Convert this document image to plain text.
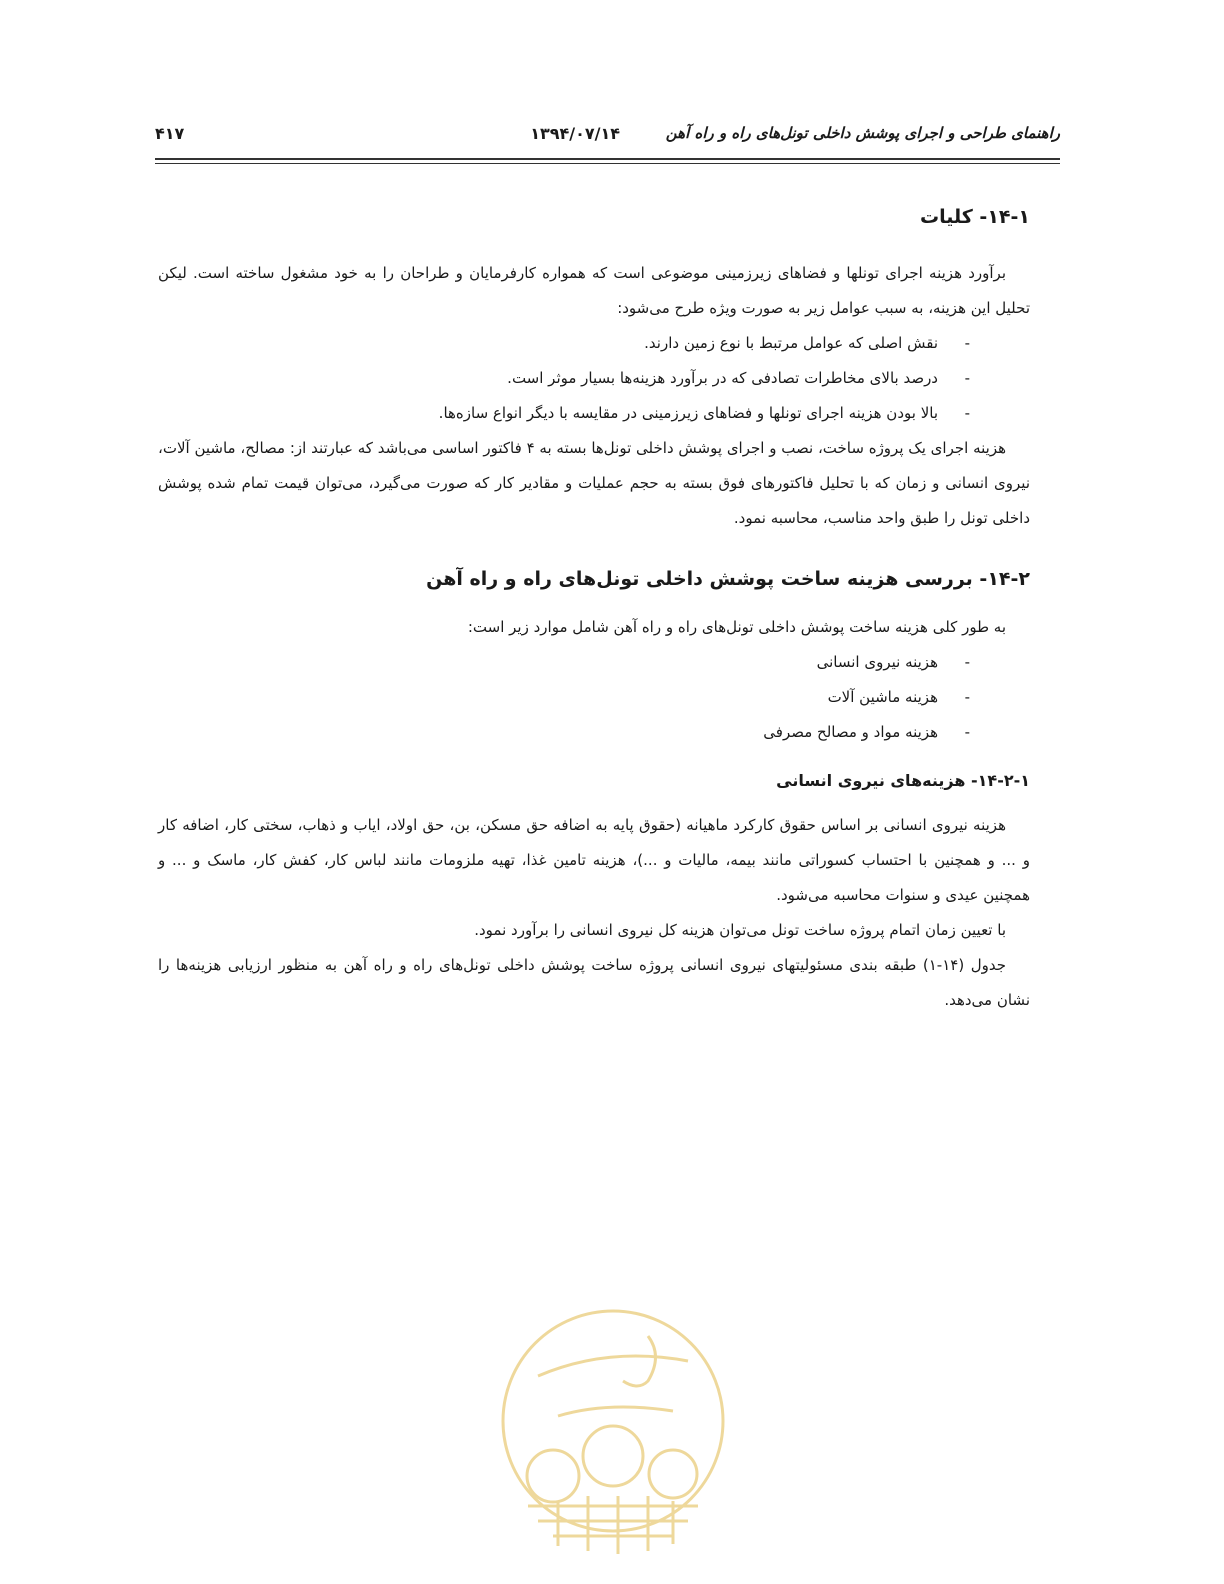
راهنمای طراحی و اجرای پوشش داخلی تونل‌های راه و راه آهن
۱۳۹۴/۰۷/۱۴
۴۱۷

۱۴-۱- کلیات

برآورد هزینه اجرای تونلها و فضاهای زیرزمینی موضوعی است که همواره کارفرمایان و طراحان را به خود مشغول ساخته است. لیکن تحلیل این هزینه، به سبب عوامل زیر به صورت ویژه طرح می‌شود:

-
نقش اصلی که عوامل مرتبط با نوع زمین دارند.
-
درصد بالای مخاطرات تصادفی که در برآورد هزینه‌ها بسیار موثر است.
-
بالا بودن هزینه اجرای تونلها و فضاهای زیرزمینی در مقایسه با دیگر انواع سازه‌ها.

هزینه اجرای یک پروژه ساخت، نصب و اجرای پوشش داخلی تونل‌ها بسته به ۴ فاکتور اساسی می‌باشد که عبارتند از: مصالح، ماشین آلات، نیروی انسانی و زمان که با تحلیل فاکتورهای فوق بسته به حجم عملیات و مقادیر کار که صورت می‌گیرد، می‌توان قیمت تمام شده پوشش داخلی تونل را طبق واحد مناسب، محاسبه نمود.

۱۴-۲- بررسی هزینه ساخت پوشش داخلی تونل‌های راه و راه آهن

به طور کلی هزینه ساخت پوشش داخلی تونل‌های راه و راه آهن شامل موارد زیر است:

-
هزینه نیروی انسانی
-
هزینه ماشین آلات
-
هزینه مواد و مصالح مصرفی

۱۴-۲-۱- هزینه‌های نیروی انسانی

هزینه نیروی انسانی بر اساس حقوق کارکرد ماهیانه (حقوق پایه به اضافه حق مسکن، بن، حق اولاد، ایاب و ذهاب، سختی کار، اضافه کار و ... و همچنین با احتساب کسوراتی مانند بیمه، مالیات و ...)، هزینه تامین غذا، تهیه ملزومات مانند لباس کار، کفش کار، ماسک و ... و همچنین عیدی و سنوات محاسبه می‌شود.

با تعیین زمان اتمام پروژه ساخت تونل می‌توان هزینه کل نیروی انسانی را برآورد نمود.

جدول (۱۴-۱) طبقه بندی مسئولیتهای نیروی انسانی پروژه ساخت پوشش داخلی تونل‌های راه و راه آهن به منظور ارزیابی هزینه‌ها را نشان می‌دهد.
